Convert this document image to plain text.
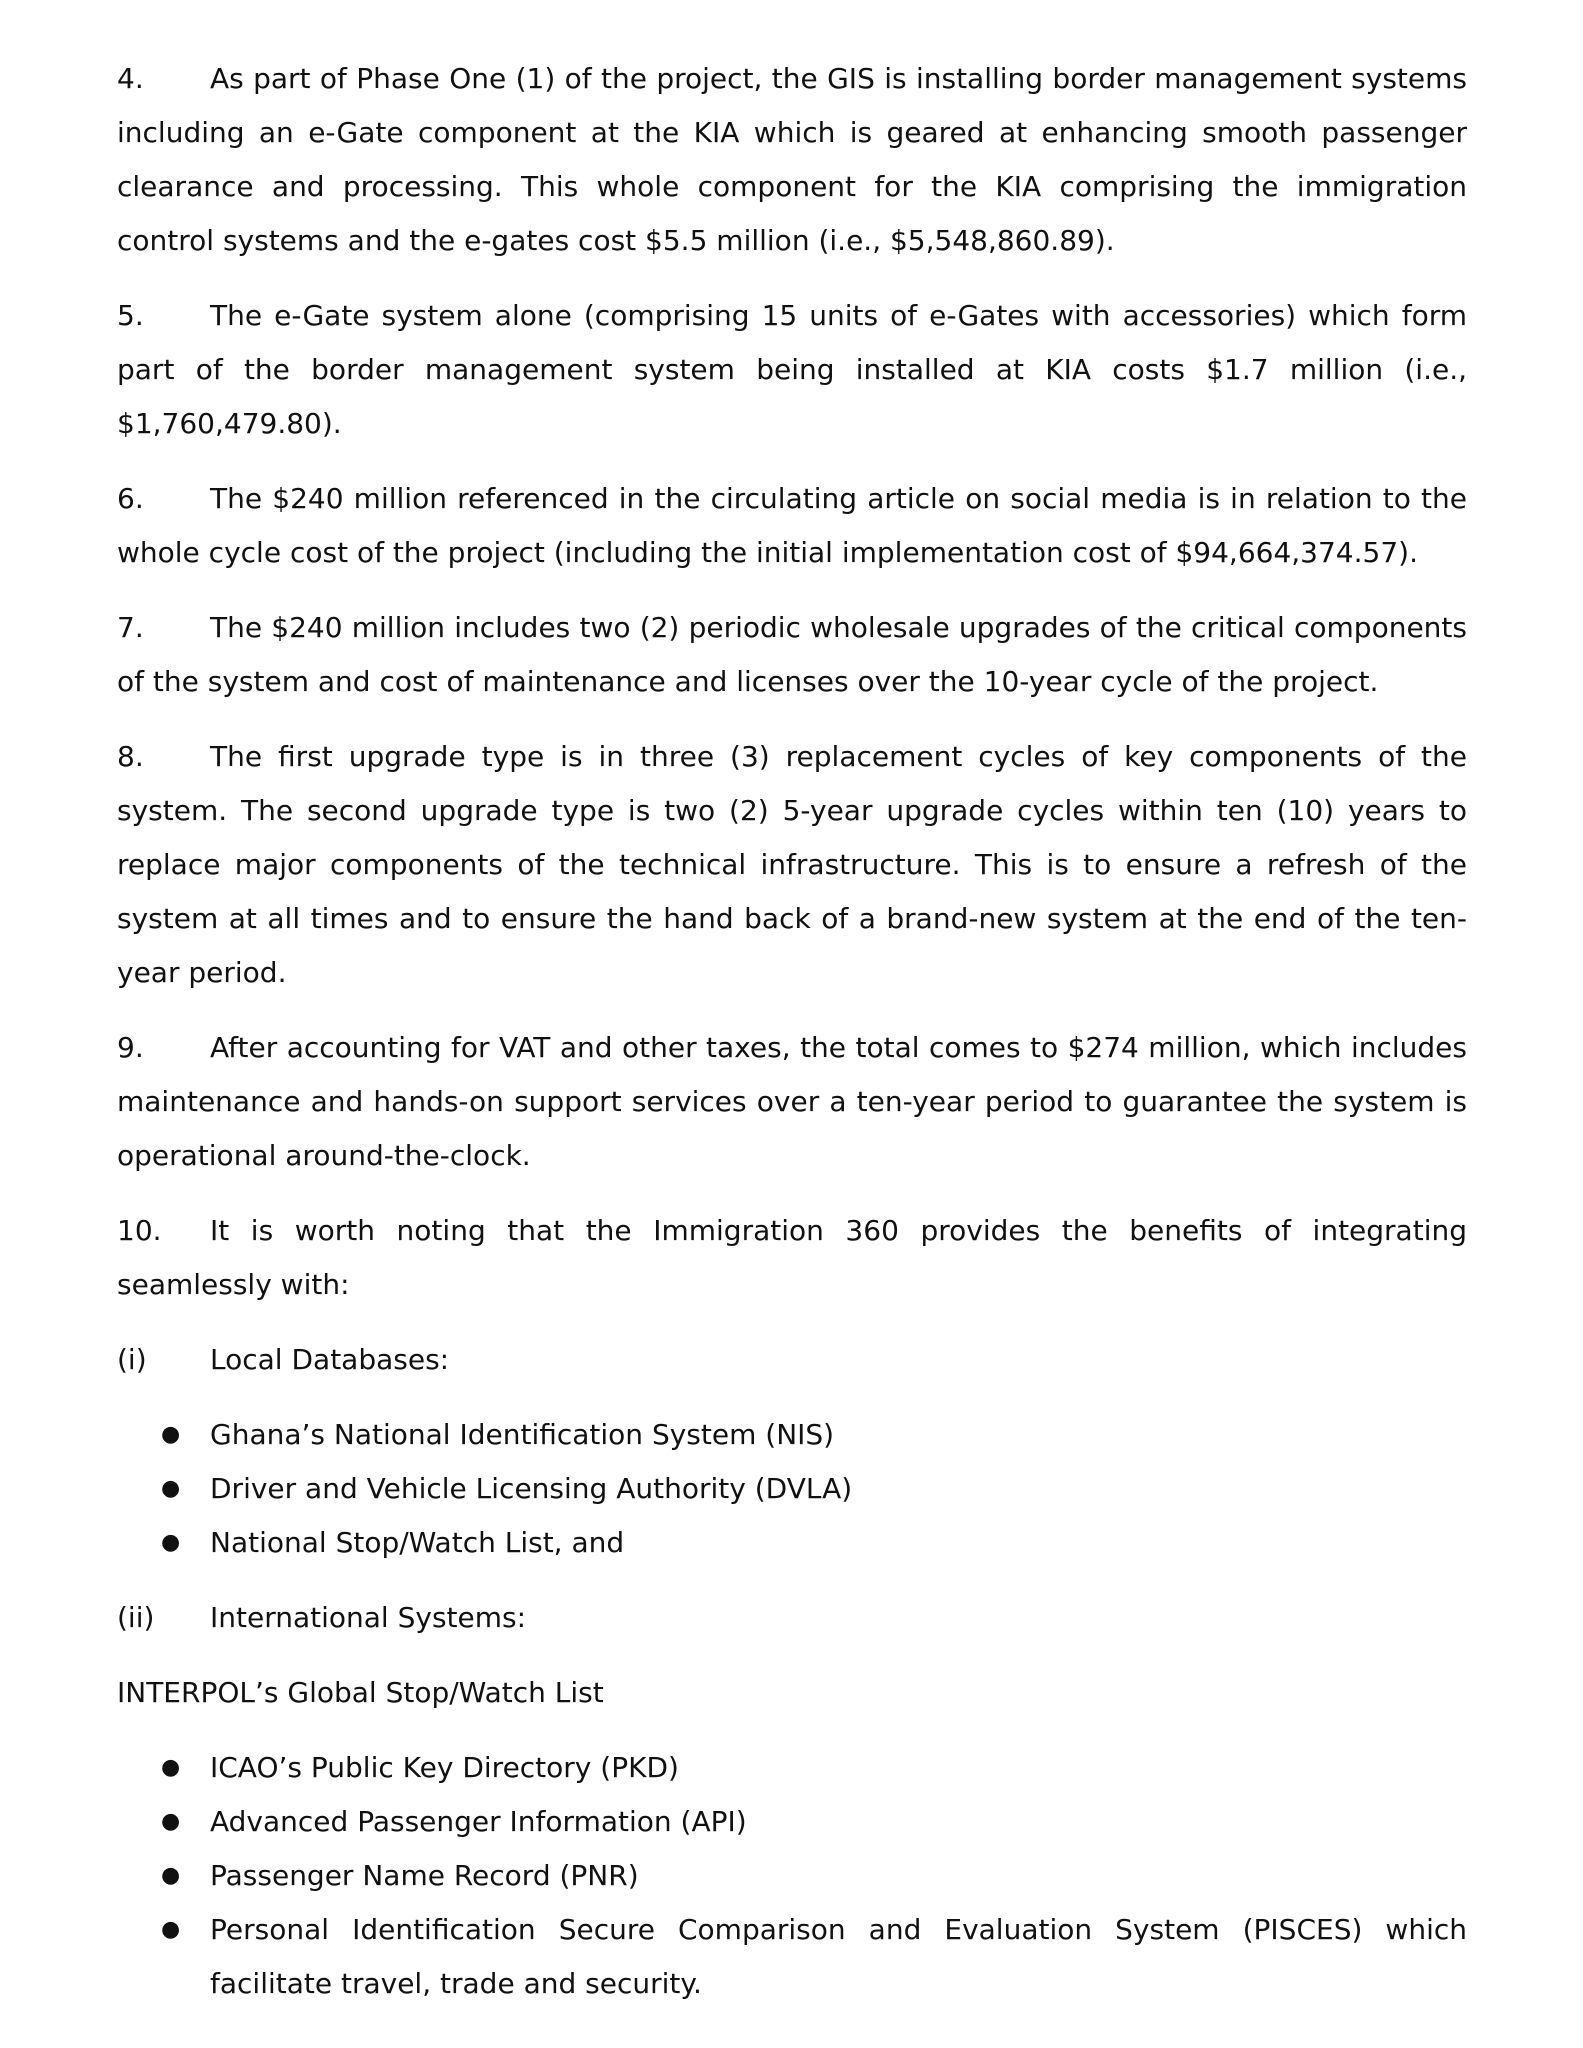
4. As part of Phase One (1) of the project, the GIS is installing border management systems including an e-Gate component at the KIA which is geared at enhancing smooth passenger clearance and processing. This whole component for the KIA comprising the immigration control systems and the e-gates cost $5.5 million (i.e., $5,548,860.89).

5. The e-Gate system alone (comprising 15 units of e-Gates with accessories) which form part of the border management system being installed at KIA costs $1.7 million (i.e., $1,760,479.80).

6. The $240 million referenced in the circulating article on social media is in relation to the whole cycle cost of the project (including the initial implementation cost of $94,664,374.57).

7. The $240 million includes two (2) periodic wholesale upgrades of the critical components of the system and cost of maintenance and licenses over the 10-year cycle of the project.

8. The first upgrade type is in three (3) replacement cycles of key components of the system. The second upgrade type is two (2) 5-year upgrade cycles within ten (10) years to replace major components of the technical infrastructure. This is to ensure a refresh of the system at all times and to ensure the hand back of a brand-new system at the end of the ten-year period.

9. After accounting for VAT and other taxes, the total comes to $274 million, which includes maintenance and hands-on support services over a ten-year period to guarantee the system is operational around-the-clock.

10. It is worth noting that the Immigration 360 provides the benefits of integrating seamlessly with:

(i) Local Databases:
● Ghana’s National Identification System (NIS)
● Driver and Vehicle Licensing Authority (DVLA)
● National Stop/Watch List, and
(ii) International Systems:

INTERPOL’s Global Stop/Watch List

● ICAO’s Public Key Directory (PKD)
● Advanced Passenger Information (API)
● Passenger Name Record (PNR)
● Personal Identification Secure Comparison and Evaluation System (PISCES) which facilitate travel, trade and security.
